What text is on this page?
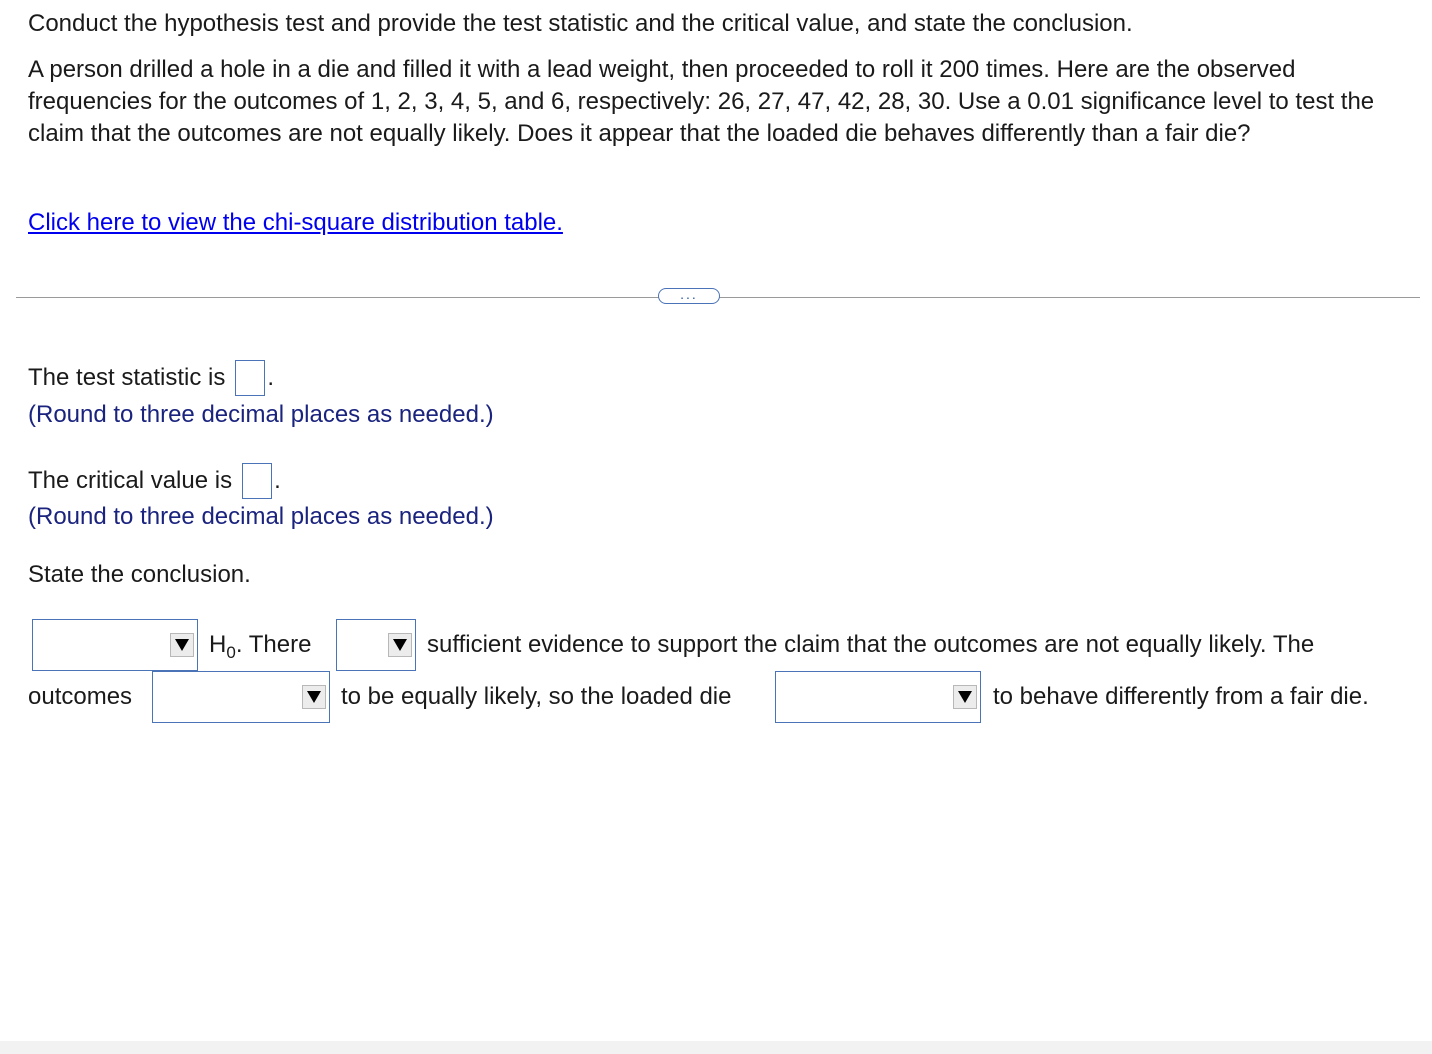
Conduct the hypothesis test and provide the test statistic and the critical value, and state the conclusion.

A person drilled a hole in a die and filled it with a lead weight, then proceeded to roll it 200 times. Here are the observed frequencies for the outcomes of 1, 2, 3, 4, 5, and 6, respectively: 26, 27, 47, 42, 28, 30. Use a 0.01 significance level to test the claim that the outcomes are not equally likely. Does it appear that the loaded die behaves differently than a fair die?

Click here to view the chi-square distribution table.
...
The test statistic is .
(Round to three decimal places as needed.)
The critical value is .
(Round to three decimal places as needed.)
State the conclusion.
$H_0$. There	sufficient evidence to support the claim that the outcomes are not equally likely. The
outcomes	to be equally likely, so the loaded die	to behave differently from a fair die.
